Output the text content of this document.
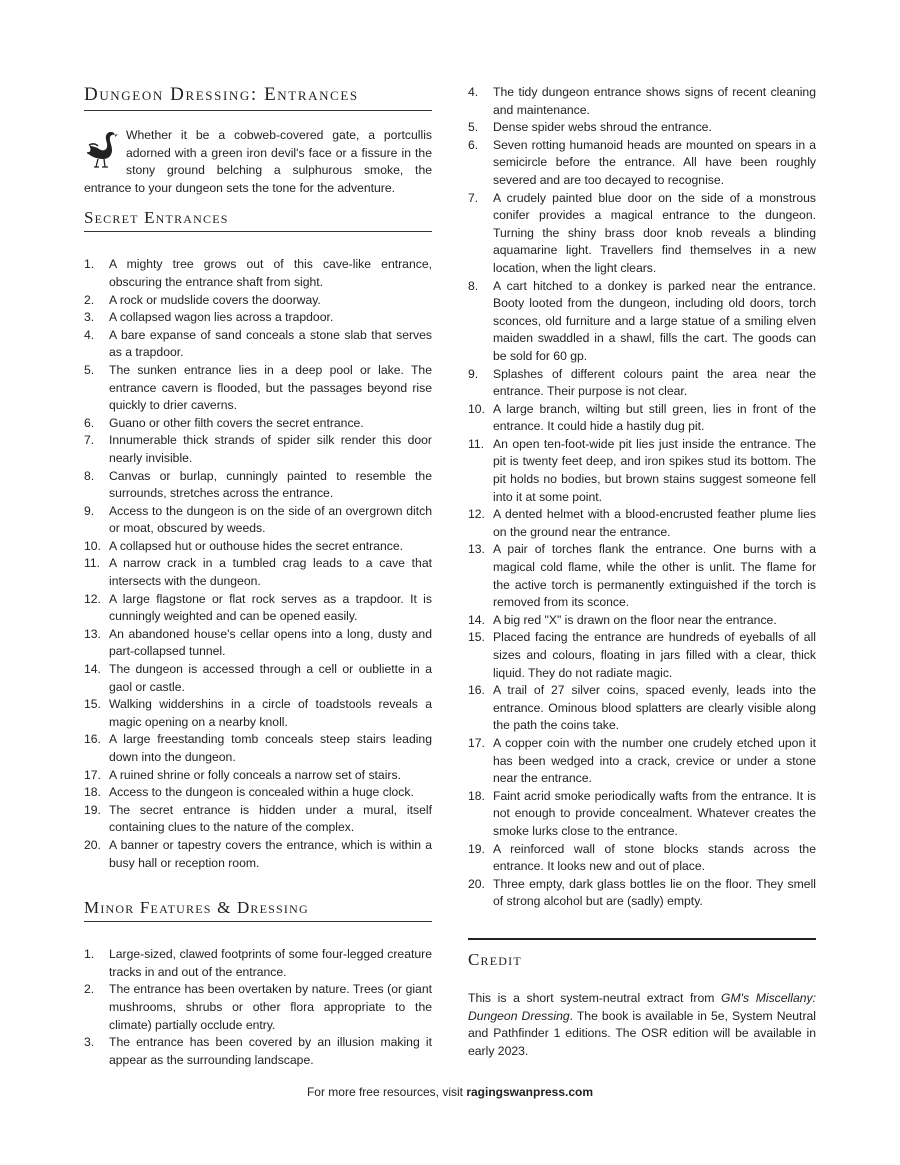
Dungeon Dressing: Entrances

Whether it be a cobweb-covered gate, a portcullis adorned with a green iron devil's face or a fissure in the stony ground belching a sulphurous smoke, the entrance to your dungeon sets the tone for the adventure.

Secret Entrances
1. A mighty tree grows out of this cave-like entrance, obscuring the entrance shaft from sight.
2. A rock or mudslide covers the doorway.
3. A collapsed wagon lies across a trapdoor.
4. A bare expanse of sand conceals a stone slab that serves as a trapdoor.
5. The sunken entrance lies in a deep pool or lake. The entrance cavern is flooded, but the passages beyond rise quickly to drier caverns.
6. Guano or other filth covers the secret entrance.
7. Innumerable thick strands of spider silk render this door nearly invisible.
8. Canvas or burlap, cunningly painted to resemble the surrounds, stretches across the entrance.
9. Access to the dungeon is on the side of an overgrown ditch or moat, obscured by weeds.
10. A collapsed hut or outhouse hides the secret entrance.
11. A narrow crack in a tumbled crag leads to a cave that intersects with the dungeon.
12. A large flagstone or flat rock serves as a trapdoor. It is cunningly weighted and can be opened easily.
13. An abandoned house's cellar opens into a long, dusty and part-collapsed tunnel.
14. The dungeon is accessed through a cell or oubliette in a gaol or castle.
15. Walking widdershins in a circle of toadstools reveals a magic opening on a nearby knoll.
16. A large freestanding tomb conceals steep stairs leading down into the dungeon.
17. A ruined shrine or folly conceals a narrow set of stairs.
18. Access to the dungeon is concealed within a huge clock.
19. The secret entrance is hidden under a mural, itself containing clues to the nature of the complex.
20. A banner or tapestry covers the entrance, which is within a busy hall or reception room.
Minor Features & Dressing
1. Large-sized, clawed footprints of some four-legged creature tracks in and out of the entrance.
2. The entrance has been overtaken by nature. Trees (or giant mushrooms, shrubs or other flora appropriate to the climate) partially occlude entry.
3. The entrance has been covered by an illusion making it appear as the surrounding landscape.
4. The tidy dungeon entrance shows signs of recent cleaning and maintenance.
5. Dense spider webs shroud the entrance.
6. Seven rotting humanoid heads are mounted on spears in a semicircle before the entrance. All have been roughly severed and are too decayed to recognise.
7. A crudely painted blue door on the side of a monstrous conifer provides a magical entrance to the dungeon. Turning the shiny brass door knob reveals a blinding aquamarine light. Travellers find themselves in a new location, when the light clears.
8. A cart hitched to a donkey is parked near the entrance. Booty looted from the dungeon, including old doors, torch sconces, old furniture and a large statue of a smiling elven maiden swaddled in a shawl, fills the cart. The goods can be sold for 60 gp.
9. Splashes of different colours paint the area near the entrance. Their purpose is not clear.
10. A large branch, wilting but still green, lies in front of the entrance. It could hide a hastily dug pit.
11. An open ten-foot-wide pit lies just inside the entrance. The pit is twenty feet deep, and iron spikes stud its bottom. The pit holds no bodies, but brown stains suggest someone fell into it at some point.
12. A dented helmet with a blood-encrusted feather plume lies on the ground near the entrance.
13. A pair of torches flank the entrance. One burns with a magical cold flame, while the other is unlit. The flame for the active torch is permanently extinguished if the torch is removed from its sconce.
14. A big red "X" is drawn on the floor near the entrance.
15. Placed facing the entrance are hundreds of eyeballs of all sizes and colours, floating in jars filled with a clear, thick liquid. They do not radiate magic.
16. A trail of 27 silver coins, spaced evenly, leads into the entrance. Ominous blood splatters are clearly visible along the path the coins take.
17. A copper coin with the number one crudely etched upon it has been wedged into a crack, crevice or under a stone near the entrance.
18. Faint acrid smoke periodically wafts from the entrance. It is not enough to provide concealment. Whatever creates the smoke lurks close to the entrance.
19. A reinforced wall of stone blocks stands across the entrance. It looks new and out of place.
20. Three empty, dark glass bottles lie on the floor. They smell of strong alcohol but are (sadly) empty.
Credit

This is a short system-neutral extract from GM's Miscellany: Dungeon Dressing. The book is available in 5e, System Neutral and Pathfinder 1 editions. The OSR edition will be available in early 2023.

For more free resources, visit ragingswanpress.com
